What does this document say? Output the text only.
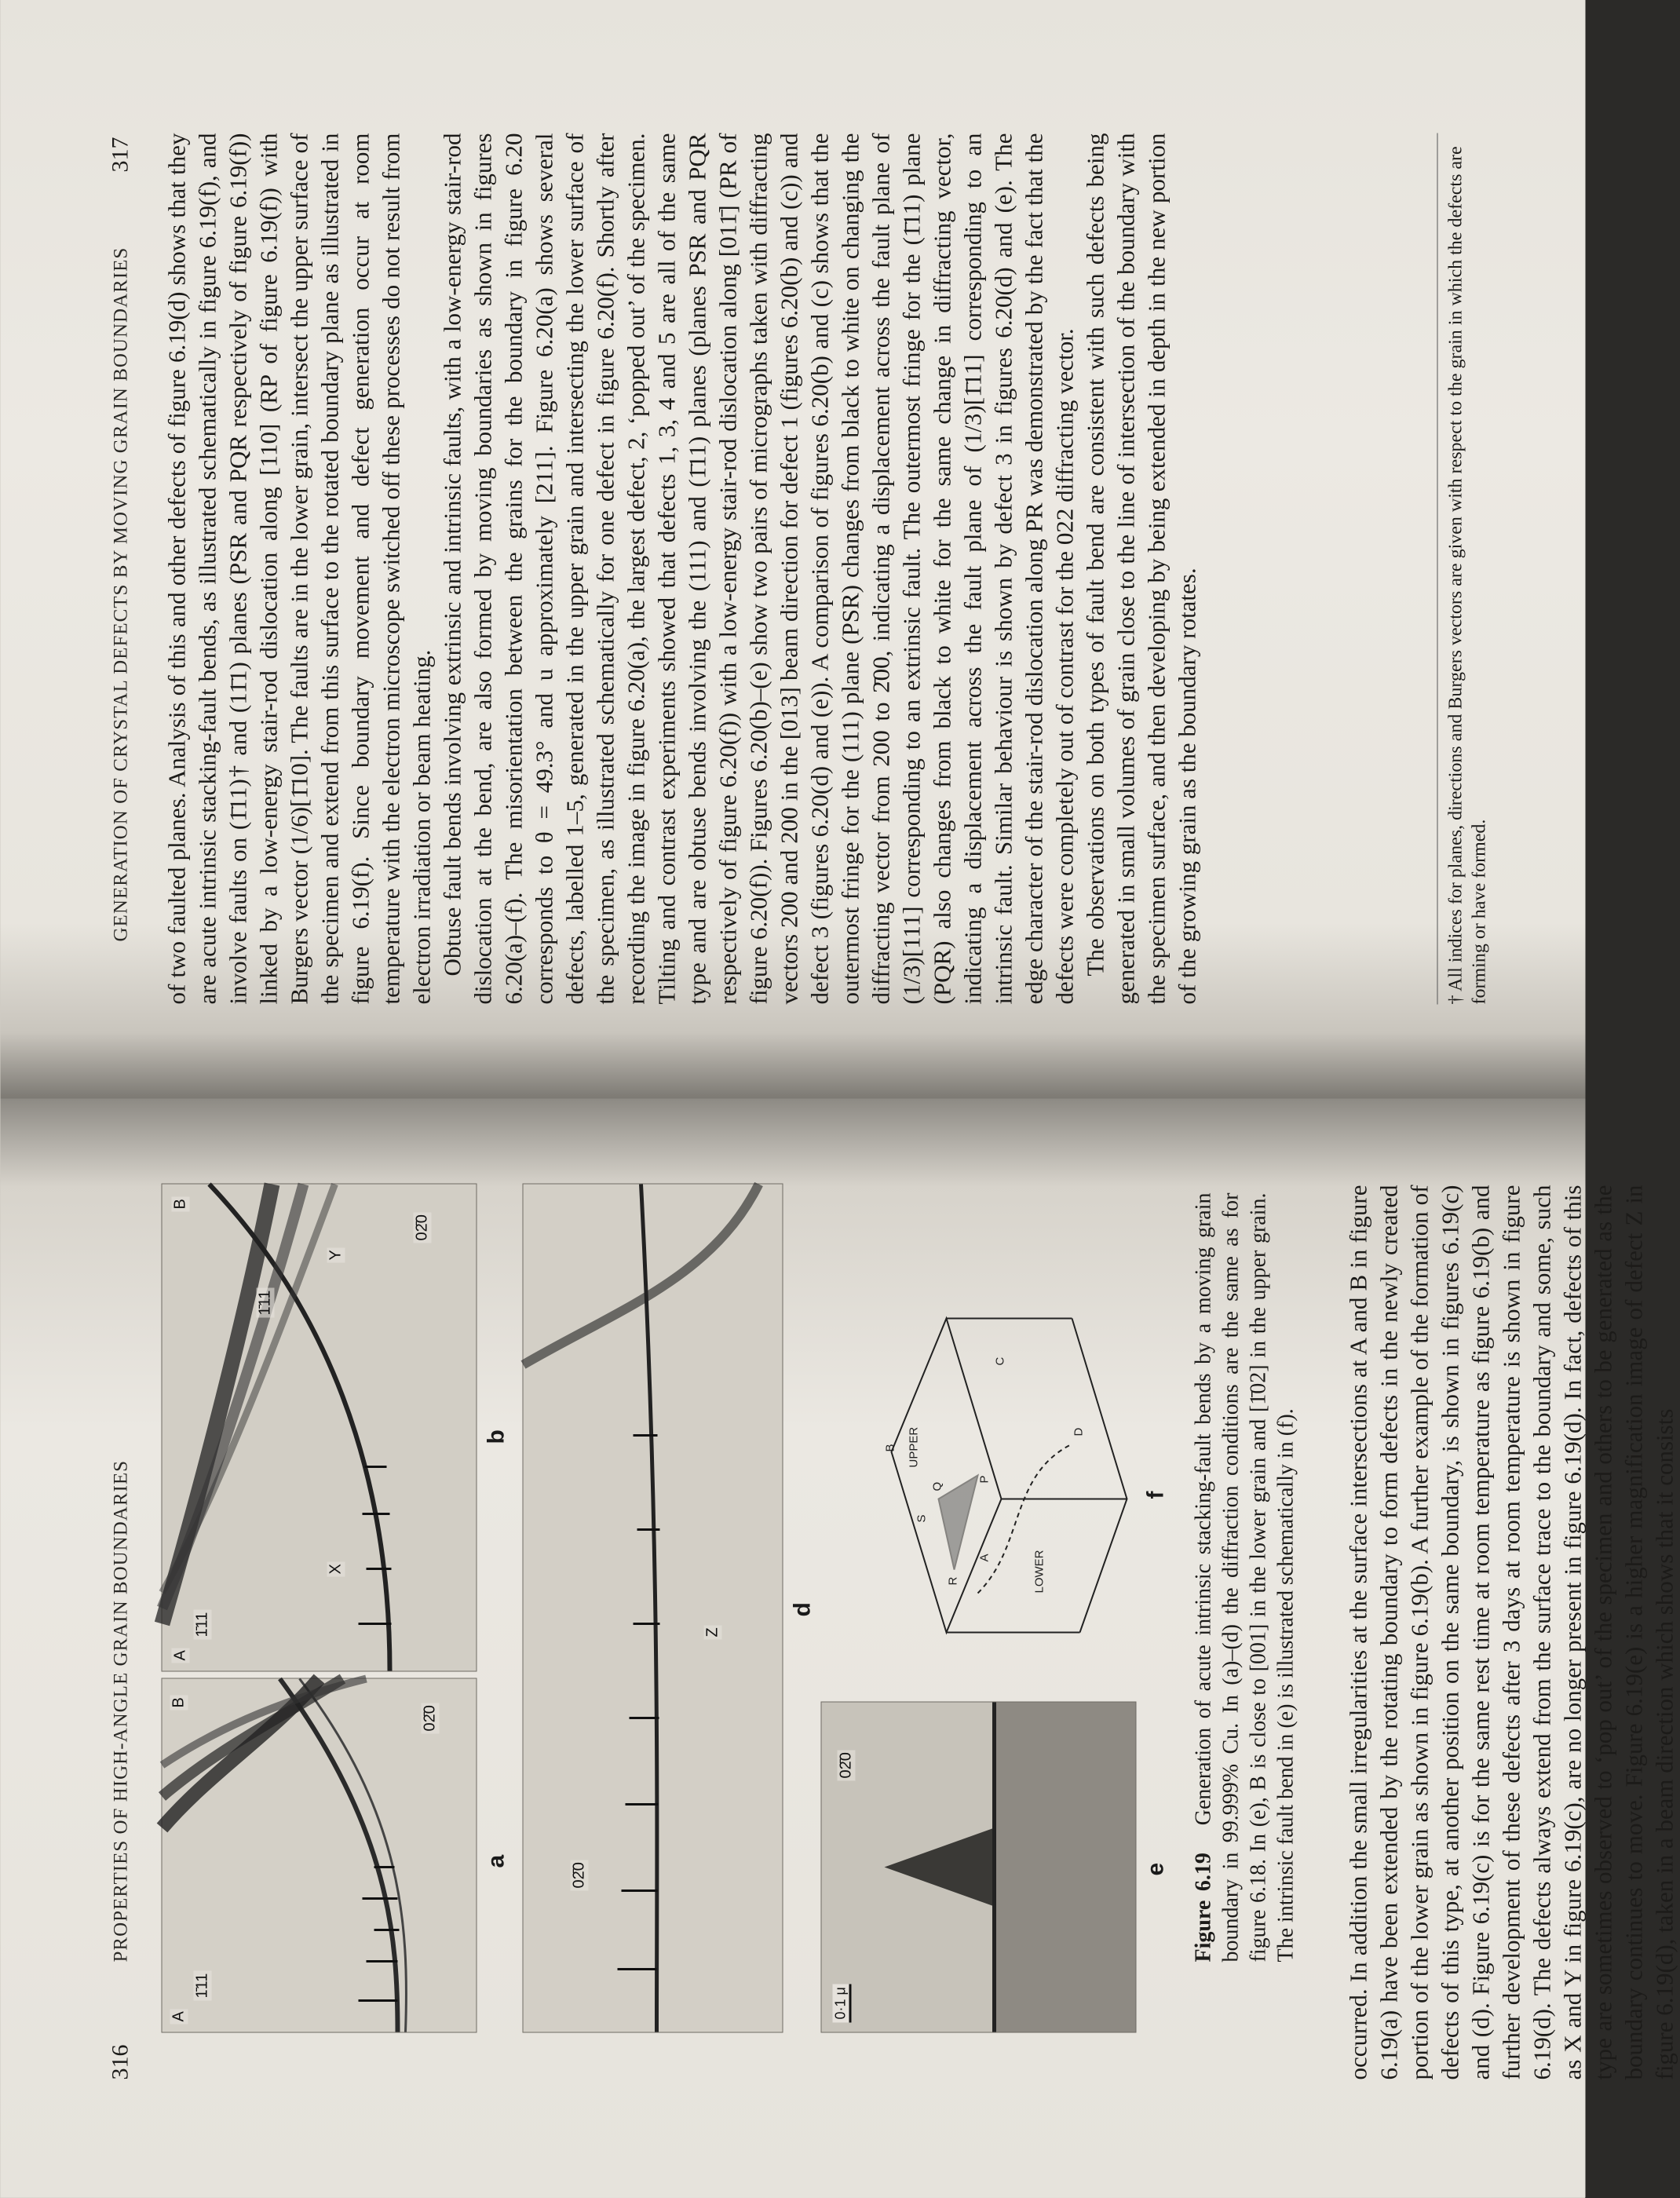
316
PROPERTIES OF HIGH-ANGLE GRAIN BOUNDARIES
A
B
1̄11
02̄0
a
A
B
X
Y
1̄11
1̄11
02̄0
b
Z
02̄0
d
0·1 μ
02̄0
e
UPPER
LOWER
R
S
Q
P
A
B
C
D
f
Figure 6.19   Generation of acute intrinsic stacking-fault bends by a moving grain boundary in 99.999% Cu. In (a)–(d) the diffraction conditions are the same as for figure 6.18. In (e), B is close to [001] in the lower grain and [1̄02] in the upper grain. The intrinsic fault bend in (e) is illustrated schematically in (f). occurred. In addition the small irregularities at the surface intersections at A and B in figure 6.19(a) have been extended by the rotating boundary to form defects in the newly created portion of the lower grain as shown in figure 6.19(b). A further example of the formation of defects of this type, at another position on the same boundary, is shown in figures 6.19(c) and (d). Figure 6.19(c) is for the same rest time at room temperature as figure 6.19(b) and further development of these defects after 3 days at room temperature is shown in figure 6.19(d). The defects always extend from the surface trace to the boundary and some, such as X and Y in figure 6.19(c), are no longer present in figure 6.19(d). In fact, defects of this type are sometimes observed to ‘pop out’ of the specimen and others to be generated as the boundary continues to move. Figure 6.19(e) is a higher magnification image of defect Z in figure 6.19(d), taken in a beam direction which shows that it consists

GENERATION OF CRYSTAL DEFECTS BY MOVING GRAIN BOUNDARIES
317 of two faulted planes. Analysis of this and other defects of figure 6.19(d) shows that they are acute intrinsic stacking-fault bends, as illustrated schematically in figure 6.19(f), and involve faults on (1̄11)† and (11̄1) planes (PSR and PQR respectively of figure 6.19(f)) linked by a low-energy stair-rod dislocation along [110] (RP of figure 6.19(f)) with Burgers vector (1/6)[1̄10]. The faults are in the lower grain, intersect the upper surface of the specimen and extend from this surface to the rotated boundary plane as illustrated in figure 6.19(f). Since boundary movement and defect generation occur at room temperature with the electron microscope switched off these processes do not result from electron irradiation or beam heating. Obtuse fault bends involving extrinsic and intrinsic faults, with a low-energy stair-rod dislocation at the bend, are also formed by moving boundaries as shown in figures 6.20(a)–(f). The misorientation between the grains for the boundary in figure 6.20 corresponds to θ = 49.3° and u approximately [211]. Figure 6.20(a) shows several defects, labelled 1–5, generated in the upper grain and intersecting the lower surface of the specimen, as illustrated schematically for one defect in figure 6.20(f). Shortly after recording the image in figure 6.20(a), the largest defect, 2, ‘popped out’ of the specimen. Tilting and contrast experiments showed that defects 1, 3, 4 and 5 are all of the same type and are obtuse bends involving the (111) and (1̄11) planes (planes PSR and PQR respectively of figure 6.20(f)) with a low-energy stair-rod dislocation along [011̄] (PR of figure 6.20(f)). Figures 6.20(b)–(e) show two pairs of micrographs taken with diffracting vectors 200 and 200 in the [013] beam direction for defect 1 (figures 6.20(b) and (c)) and defect 3 (figures 6.20(d) and (e)). A comparison of figures 6.20(b) and (c) shows that the outermost fringe for the (111) plane (PSR) changes from black to white on changing the diffracting vector from 200 to 2̄00, indicating a displacement across the fault plane of (1/3)[111] corresponding to an extrinsic fault. The outermost fringe for the (1̄11) plane (PQR) also changes from black to white for the same change in diffracting vector, indicating a displacement across the fault plane of (1/3)[1̄11] corresponding to an intrinsic fault. Similar behaviour is shown by defect 3 in figures 6.20(d) and (e). The edge character of the stair-rod dislocation along PR was demonstrated by the fact that the defects were completely out of contrast for the 022 diffracting vector. The observations on both types of fault bend are consistent with such defects being generated in small volumes of grain close to the line of intersection of the boundary with the specimen surface, and then developing by being extended in depth in the new portion of the growing grain as the boundary rotates.	† All indices for planes, directions and Burgers vectors are given with respect to the grain in which the defects are forming or have formed.
